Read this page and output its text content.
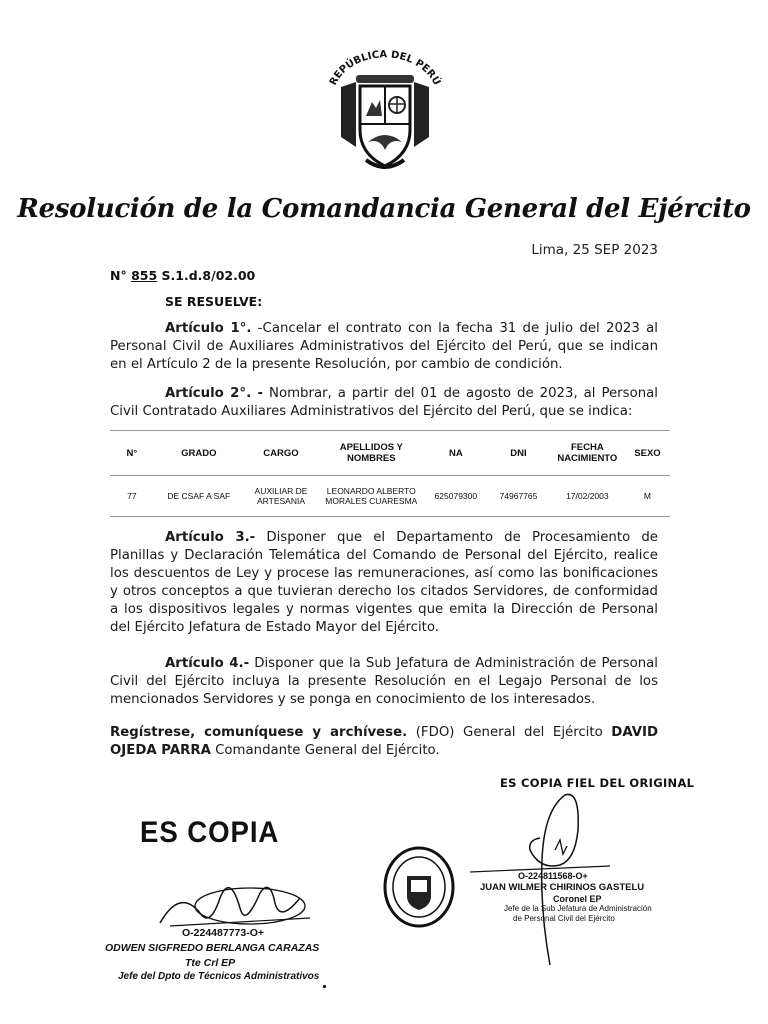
REPÚBLICA DEL PERÚ
Resolución de la Comandancia General del Ejército
Lima, 25 SEP 2023
N° 855 S.1.d.8/02.00
SE RESUELVE:
Artículo 1°. -Cancelar el contrato con la fecha 31 de julio del 2023 al Personal Civil de Auxiliares Administrativos del Ejército del Perú, que se indican en el Artículo 2 de la presente Resolución, por cambio de condición.
Artículo 2°. - Nombrar, a partir del 01 de agosto de 2023, al Personal Civil Contratado Auxiliares Administrativos del Ejército del Perú, que se indica:
N°	GRADO	CARGO	APELLIDOS Y NOMBRES	NA	DNI	FECHA NACIMIENTO	SEXO
77	DE CSAF A SAF	AUXILIAR DE ARTESANIA	LEONARDO ALBERTO MORALES CUARESMA	625079300	74967765	17/02/2003	M
Artículo 3.- Disponer que el Departamento de Procesamiento de Planillas y Declaración Telemática del Comando de Personal del Ejército, realice los descuentos de Ley y procese las remuneraciones, así como las bonificaciones y otros conceptos a que tuvieran derecho los citados Servidores, de conformidad a los dispositivos legales y normas vigentes que emita la Dirección de Personal del Ejército Jefatura de Estado Mayor del Ejército.
Artículo 4.- Disponer que la Sub Jefatura de Administración de Personal Civil del Ejército incluya la presente Resolución en el Legajo Personal de los mencionados Servidores y se ponga en conocimiento de los interesados.
Regístrese, comuníquese y archívese. (FDO) General del Ejército DAVID OJEDA PARRA Comandante General del Ejército.
ES COPIA FIEL DEL ORIGINAL
ES COPIA
O-224487773-O+
ODWEN SIGFREDO BERLANGA CARAZAS
Tte Crl EP
Jefe del Dpto de Técnicos Administrativos
O-224811568-O+
JUAN WILMER CHIRINOS GASTELU
Coronel EP
Jefe de la Sub Jefatura de Administración
de Personal Civil del Ejército
